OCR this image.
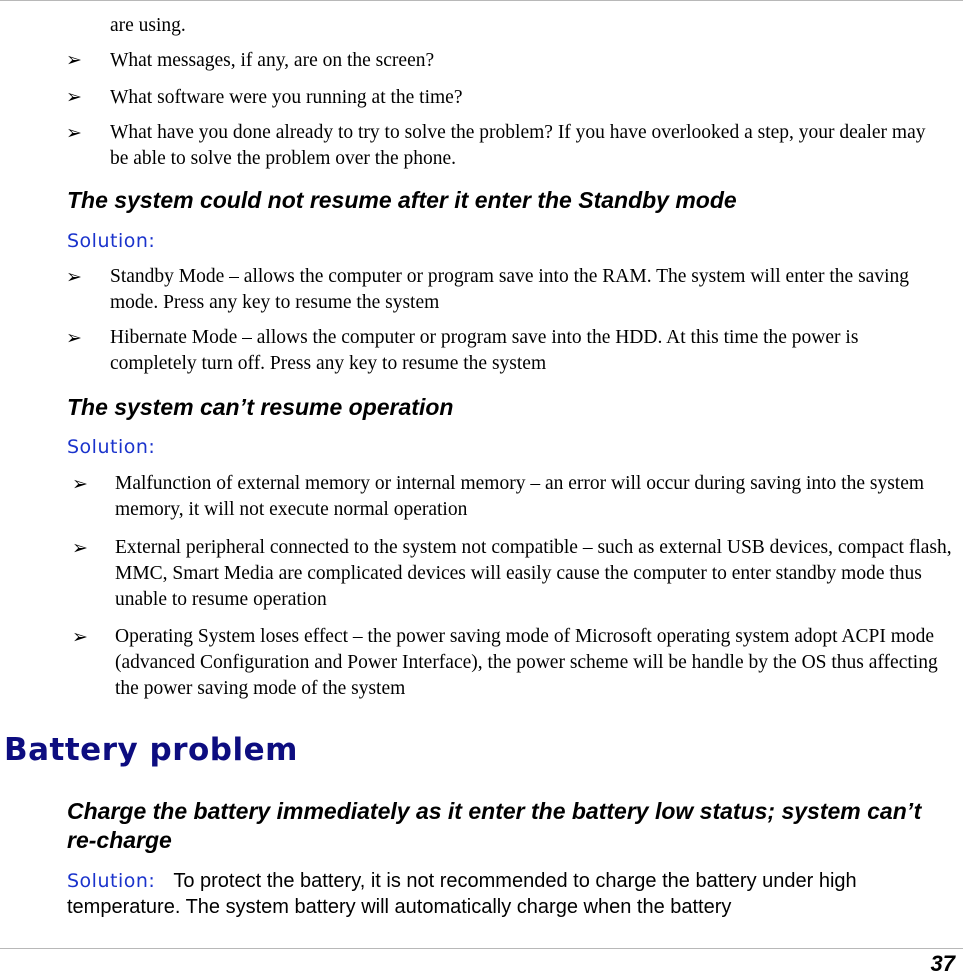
are using.
➢ What messages, if any, are on the screen?
➢ What software were you running at the time?
➢ What have you done already to try to solve the problem? If you have overlooked a step, your dealer may be able to solve the problem over the phone.
The system could not resume after it enter the Standby mode
Solution:
➢ Standby Mode – allows the computer or program save into the RAM. The system will enter the saving mode. Press any key to resume the system
➢ Hibernate Mode – allows the computer or program save into the HDD. At this time the power is completely turn off. Press any key to resume the system
The system can’t resume operation
Solution:
➢ Malfunction of external memory or internal memory – an error will occur during saving into the system memory, it will not execute normal operation
➢ External peripheral connected to the system not compatible – such as external USB devices, compact flash, MMC, Smart Media are complicated devices will easily cause the computer to enter standby mode thus unable to resume operation
➢ Operating System loses effect – the power saving mode of Microsoft operating system adopt ACPI mode (advanced Configuration and Power Interface), the power scheme will be handle by the OS thus affecting the power saving mode of the system
Battery problem
Charge the battery immediately as it enter the battery low status; system can’t re-charge
Solution: To protect the battery, it is not recommended to charge the battery under high temperature. The system battery will automatically charge when the battery
37
